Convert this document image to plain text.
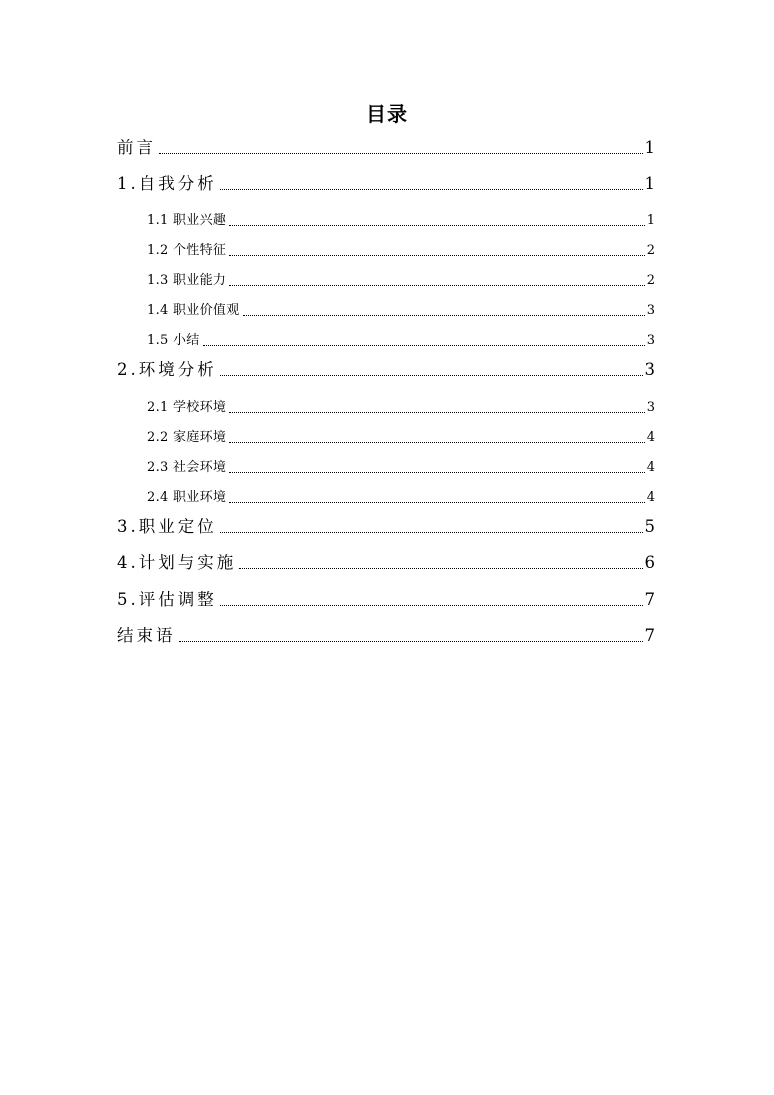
目录
前言	1
1.自我分析	1
1.1 职业兴趣	1
1.2 个性特征	2
1.3 职业能力	2
1.4 职业价值观	3
1.5 小结	3
2.环境分析	3
2.1 学校环境	3
2.2 家庭环境	4
2.3 社会环境	4
2.4 职业环境	4
3.职业定位	5
4.计划与实施	6
5.评估调整	7
结束语	7
